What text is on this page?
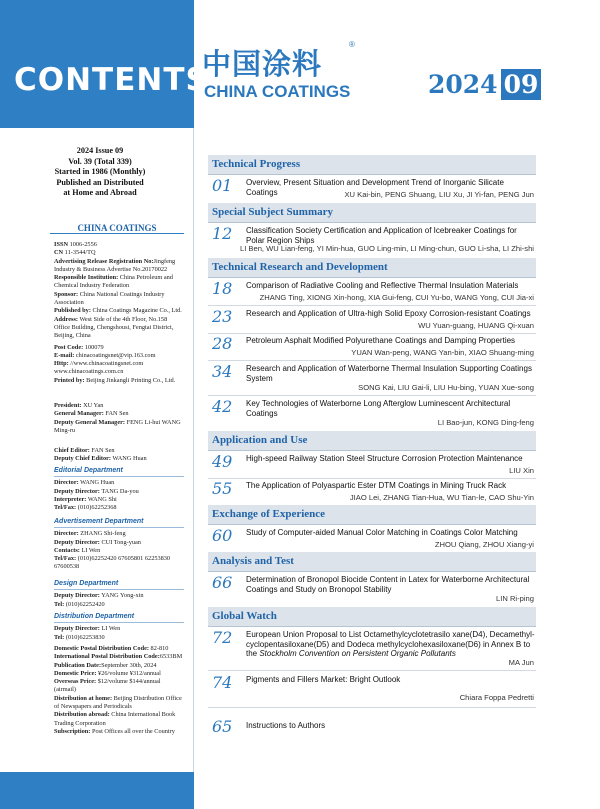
CONTENTS
2024 Issue 09
Vol. 39 (Total 339)
Started in 1986 (Monthly)
Published an Distributed
at Home and Abroad
CHINA COATINGS
ISSN 1006-2556
CN 11-3544/TQ
Advertising Release Registration No:Jingfeng Industry & Business Advertise No.20170022
Responsible Institution: China Petroleum and Chemical Industry Federation
Sponsor: China National Coatings Industry Association
Published by: China Coatings Magazine Co., Ltd.
Address: West Side of the 4th Floor, No.158 Office Building, Chengshousi, Fengtai District, Beijing, China
Post Code: 100079
E-mail: chinacoatingsnet@vip.163.com
Http: //www.chinacoatingsnet.com www.chinacoatings.com.cn
Printed by: Beijing Jinkangli Printing Co., Ltd.
President: XU Yan
General Manager: FAN Sen
Deputy General Manager: FENG Li-hui WANG Ming-ru
Chief Editor: FAN Sen
Deputy Chief Editor: WANG Huan
Editorial Department
Director: WANG Huan
Deputy Director: TANG Da-you
Interpreter: WANG Shi
Tel/Fax: (010)62252368
Advertisement Department
Director: ZHANG Shi-feng
Deputy Director: CUI Tong-yuan
Contacts: LI Wen
Tel/Fax: (010)62252420 67605801 62253830 67600538
Design Department
Deputy Director: YANG Yong-xin
Tel: (010)62252420
Distribution Department
Deputy Director: LI Wen
Tel: (010)62253830
Domestic Postal Distribution Code: 82-810
International Postal Distribution Code:6533BM
Publication Date:September 30th, 2024
Domestic Price: ¥26/volume ¥312/annual
Overseas Price: $12/volume $144/annual (airmail)
Distribution at home: Beijing Distribution Office of Newspapers and Periodicals
Distribution abroad: China International Book Trading Corporation
Subscription: Post Offices all over the Country
中国涂料
®
CHINA COATINGS	2024 09
Technical Progress
01 Overview, Present Situation and Development Trend of Inorganic Silicate Coatings	XU Kai-bin, PENG Shuang, LIU Xu, JI Yi-fan, PENG Jun
Special Subject Summary
12 Classification Society Certification and Application of Icebreaker Coatings for Polar Region Ships
LI Ben, WU Lian-feng, YI Min-hua, GUO Ling-min, LI Ming-chun, GUO Li-sha, LI Zhi-shi
Technical Research and Development
18 Comparison of Radiative Cooling and Reflective Thermal Insulation Materials
ZHANG Ting, XIONG Xin-hong, XIA Gui-feng, CUI Yu-bo, WANG Yong, CUI Jia-xi
23 Research and Application of Ultra-high Solid Epoxy Corrosion-resistant Coatings
WU Yuan-guang, HUANG Qi-xuan
28 Petroleum Asphalt Modified Polyurethane Coatings and Damping Properties
YUAN Wan-peng, WANG Yan-bin, XIAO Shuang-ming
34 Research and Application of Waterborne Thermal Insulation Supporting Coatings System
SONG Kai, LIU Gai-li, LIU Hu-bing, YUAN Xue-song
42 Key Technologies of Waterborne Long Afterglow Luminescent Architectural Coatings
LI Bao-jun, KONG Ding-feng
Application and Use
49 High-speed Railway Station Steel Structure Corrosion Protection Maintenance
LIU Xin
55 The Application of Polyaspartic Ester DTM Coatings in Mining Truck Rack
JIAO Lei, ZHANG Tian-Hua, WU Tian-le, CAO Shu-Yin
Exchange of Experience
60 Study of Computer-aided Manual Color Matching in Coatings Color Matching
ZHOU Qiang, ZHOU Xiang-yi
Analysis and Test
66 Determination of Bronopol Biocide Content in Latex for Waterborne Architectural Coatings and Study on Bronopol Stability
LIN Ri-ping
Global Watch
72 European Union Proposal to List Octamethylcyclotetrasilo xane(D4), Decamethyl-cyclopentasiloxane(D5) and Dodeca methylcyclohexasiloxane(D6) in Annex B to the Stockholm Convention on Persistent Organic Pollutants
MA Jun
74 Pigments and Fillers Market: Bright Outlook
Chiara Foppa Pedretti
65 Instructions to Authors
